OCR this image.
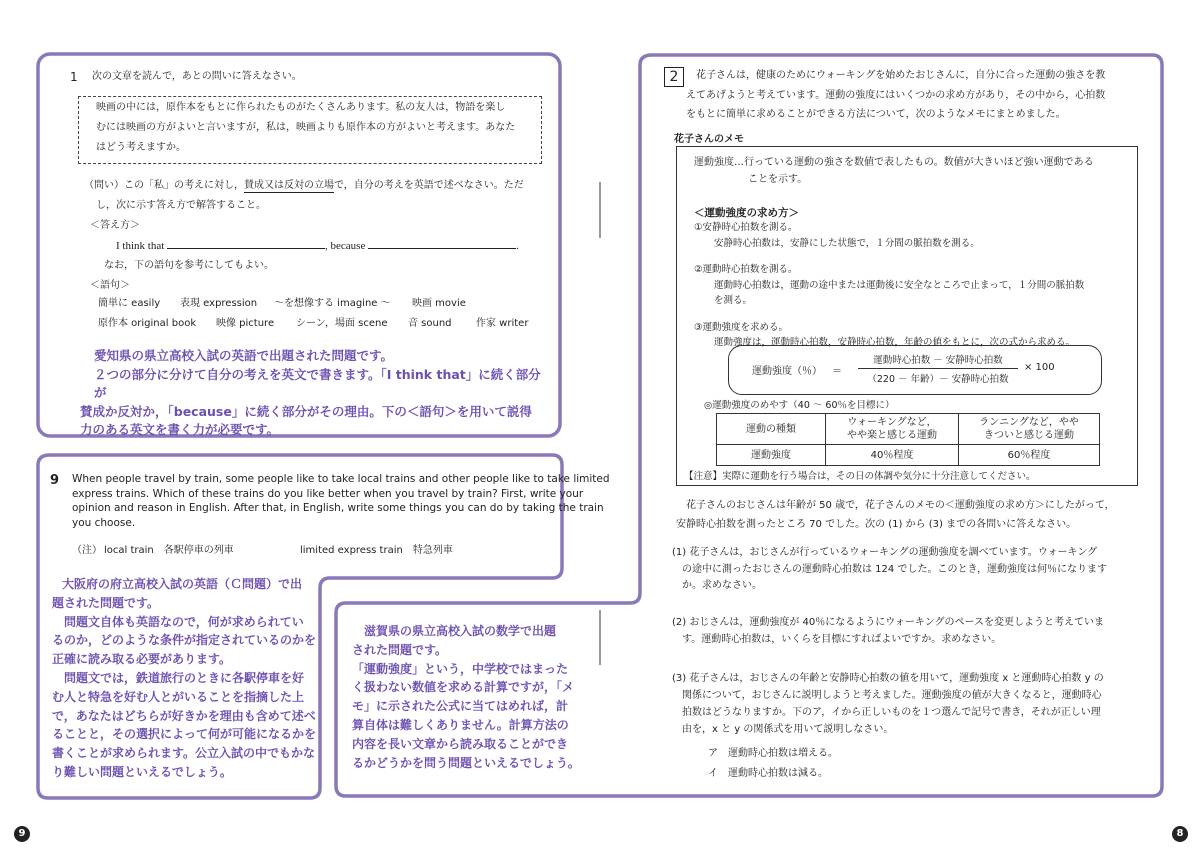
1 次の文章を読んで，あとの問いに答えなさい。
映画の中には，原作本をもとに作られたものがたくさんあります。私の友人は，物語を楽し
むには映画の方がよいと言いますが，私は，映画よりも原作本の方がよいと考えます。あなた
はどう考えますか。
（問い）この「私」の考えに対し，賛成又は反対の立場で，自分の考えを英語で述べなさい。ただ
し，次に示す答え方で解答すること。
＜答え方＞
I think that	, because	.
なお，下の語句を参考にしてもよい。
＜語句＞
簡単に easily 表現 expression ～を想像する imagine ～ 映画 movie
原作本 original book 映像 picture シーン，場面 scene 音 sound 作家 writer
愛知県の県立高校入試の英語で出題された問題です。
２つの部分に分けて自分の考えを英文で書きます。「I think that」に続く部分が
賛成か反対か，「because」に続く部分がその理由。下の＜語句＞を用いて説得
力のある英文を書く力が必要です。
9 When people travel by train, some people like to take local trains and other people like to take limited
express trains. Which of these trains do you like better when you travel by train? First, write your
opinion and reason in English. After that, in English, write some things you can do by taking the train
you choose.
（注） local train　各駅停車の列車	limited express train　特急列車
大阪府の府立高校入試の英語（Ｃ問題）で出
題された問題です。
　問題文自体も英語なので，何が求められてい
るのか，どのような条件が指定されているのかを
正確に読み取る必要があります。
　問題文では，鉄道旅行のときに各駅停車を好
む人と特急を好む人とがいることを指摘した上
で，あなたはどちらが好きかを理由も含めて述べ
ることと，その選択によって何が可能になるかを
書くことが求められます。公立入試の中でもかな
り難しい問題といえるでしょう。
　滋賀県の県立高校入試の数学で出題
された問題です。
「運動強度」という，中学校ではまった
く扱わない数値を求める計算ですが，「メ
モ」に示された公式に当てはめれば，計
算自体は難しくありません。計算方法の
内容を長い文章から読み取ることができ
るかどうかを問う問題といえるでしょう。
9
2	花子さんは，健康のためにウォーキングを始めたおじさんに，自分に合った運動の強さを教
えてあげようと考えています。運動の強度にはいくつかの求め方があり，その中から，心拍数
をもとに簡単に求めることができる方法について，次のようなメモにまとめました。
花子さんのメモ
運動強度…行っている運動の強さを数値で表したもの。数値が大きいほど強い運動である
ことを示す。
＜運動強度の求め方＞
①安静時心拍数を測る。
安静時心拍数は，安静にした状態で，１分間の脈拍数を測る。
②運動時心拍数を測る。
運動時心拍数は，運動の途中または運動後に安全なところで止まって，１分間の脈拍数
を測る。
③運動強度を求める。
運動強度は，運動時心拍数，安静時心拍数，年齢の値をもとに，次の式から求める。
運動強度（％） ＝
運動時心拍数 － 安静時心拍数
（220 － 年齢）－ 安静時心拍数
× 100
◎運動強度のめやす（40 ～ 60％を目標に）
運動の種類	ウォーキングなど，
やや楽と感じる運動	ランニングなど，やや
きついと感じる運動
運動強度	40％程度	60％程度
【注意】実際に運動を行う場合は，その日の体調や気分に十分注意してください。
花子さんのおじさんは年齢が 50 歳で，花子さんのメモの＜運動強度の求め方＞にしたがって，
安静時心拍数を測ったところ 70 でした。次の (1) から (3) までの各問いに答えなさい。
(1) 花子さんは，おじさんが行っているウォーキングの運動強度を調べています。ウォーキング
の途中に測ったおじさんの運動時心拍数は 124 でした。このとき，運動強度は何％になります
か。求めなさい。
(2) おじさんは，運動強度が 40％になるようにウォーキングのペースを変更しようと考えていま
す。運動時心拍数は，いくらを目標にすればよいですか。求めなさい。
(3) 花子さんは，おじさんの年齢と安静時心拍数の値を用いて，運動強度 x と運動時心拍数 y の
関係について，おじさんに説明しようと考えました。運動強度の値が大きくなると，運動時心
拍数はどうなりますか。下のア，イから正しいものを１つ選んで記号で書き，それが正しい理
由を，x と y の関係式を用いて説明しなさい。
ア　運動時心拍数は増える。
イ　運動時心拍数は減る。
8
